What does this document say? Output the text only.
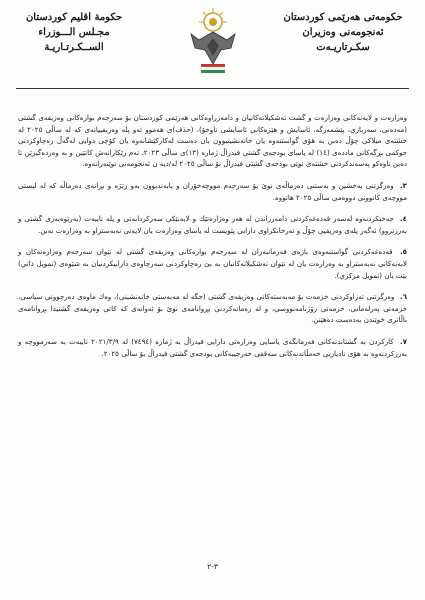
حكومة اقليم كوردستان
مجـلس الـــوزراء
الســكـرتـاريـة
حكومەتی هەرێمی كوردستان
ئەنجومەنی وەزیران
سكـرتاریـەت

وەزارەت و لایەنەكانی وەزارەت و گشت تەشكیلاتەكانیان و دامەزراوەكانی هەرێمی كوردستان بۆ سەرجەم بوارەكانی وەزیفەی گشتی (مەدەنی، سەربازی، پێشمەرگە، ئاسایش و هێزەكانی ئاسایشی ناوخۆ)، (حذف)ی هەموو ئەو پلە وەزیفیيانەی كە لە ساڵی ٢٠٢٥ لە خشتەی میلاكی چۆڵ دەبن بە هۆی گواستنەوە یان خانەنشینبوون یان دەست لەكاركێشانەوە یان كۆچی دوایی لەگەڵ رەچاوكردنی حوكمی بڕگەكانی ماددەی (١٤) لە یاسای بودجەی گشتی فیدراڵ ژمارە (١٣)ی ساڵی ٢٠٢٣. تەم رێكارانەش كاتێین و بە وەردەگیرێن تا دەبن تاوەكو پەسەندكردنی خشتەی نوێی بودجەی گشتی فیدراڵ بۆ ساڵی ٢٠٢٥ لە/دیە ن ئەنجومەنی نوێنەرانەوە.

٣. وەرگرتنی بەخشین و بەستنی دەرماڵەی نوێ بۆ سەرجەم مووچەخۆران و پابەندبوون بەو رێژە و بڕانەی دەرماڵە كە لە لیستی مووچەی كانوونی دووەمی ساڵی ٢٠٢٥ هاتووە.

٤. جەختكردنەوە لەسەر قەدەغەكردنی دامەزراندن لە هەر وەزارەتێك و لایەنێكی سەركردایەتی و پلە تایبەت (بەرێوەبەری گشتی و بەرزتروو) ئەگەر پلەی وەزیفیی چۆڵ و تەرخانكراوی دارایی پێویست لە یاسای وەزارەت یان لایەنی نەبەستراو بە وەزارەت نەبن.

٥. قەدەغەكردنی گواستنەوەی بازەی فەرمانبەران لە سەرجەم بوارەكانی وەزیفەی گشتی لە نێوان سەرجەم وەزارەتەكان و لایەنەكانی نەبەستراو بە وەزارەت یان لە نێوان تەشكیلاتەكانیان بە بێ رەچاوكردنی سەرچاوەی داراییكردنیان بە شێوەی (تمویل ذاتي) بێت یان (تمويل مركزي).

٦. وەرگرتنی تەزاوكردنی خزمەت بۆ مەبەستەكانی وەزیفەی گشتی (جگە لە مەبەستی خانەنشینی)، وەك ماوەی دەرچوونی سیاسی، خزمەتی پەرلەمانی، خزمەتی رۆژنامەنووسی، و لە زەمانەكردنی بڕوانامەی نوێ بۆ ئەوانەی كە كاتی وەزیفەی گشتیدا بڕوانامەی باڵاتری خوێندن بەدەست دەهێنن.

٧. كاركردن بە گشتاندنەكانی فەرمانگەی یاسایی وەزارەتی دارایی فیدراڵ بە ژمارە (٧٤٩٤) لە ٢٠٢١/٣/٩ تایبەت بە سەرمووچە و بەرزكردنەوە بە هۆی نادیاریی خەمڵاندنەكانی سەقفی خەرجییەكانی بودجەی گشتی فیدراڵ بۆ ساڵی ٢٠٢٥.

٣-٢
